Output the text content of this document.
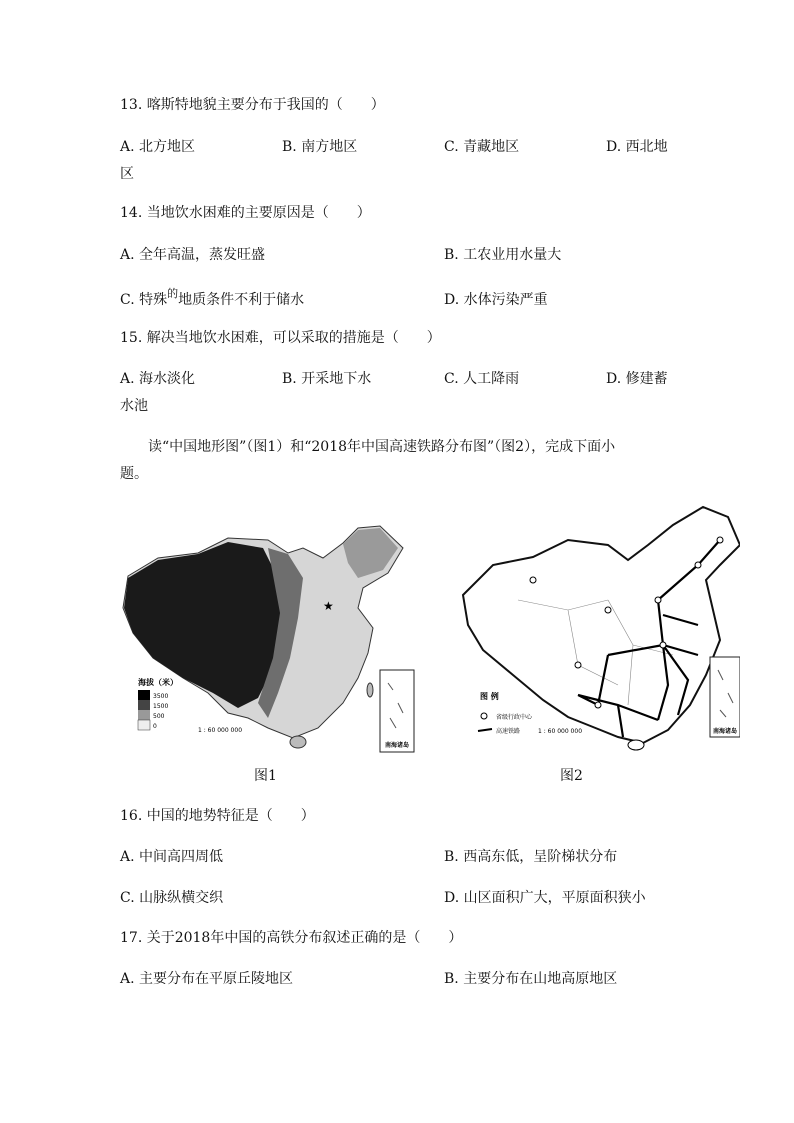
13. 喀斯特地貌主要分布于我国的（　　）
A. 北方地区	B. 南方地区	C. 青藏地区	D. 西北地
区
14. 当地饮水困难的主要原因是（　　）
A. 全年高温，蒸发旺盛	B. 工农业用水量大
C. 特殊$^的$地质条件不利于储水	D. 水体污染严重
15. 解决当地饮水困难，可以采取的措施是（　　）
A. 海水淡化	B. 开采地下水	C. 人工降雨	D. 修建蓄
水池
读“中国地形图”（图1）和“2018年中国高速铁路分布图”（图2），完成下面小
题。
★
海拔（米）
3500
1500
500
0
1 : 60 000 000
南海诸岛
图1
图 例
省级行政中心
高速铁路	1 : 60 000 000	南海诸岛
图2
16. 中国的地势特征是（　　）
A. 中间高四周低	B. 西高东低，呈阶梯状分布
C. 山脉纵横交织	D. 山区面积广大，平原面积狭小
17. 关于2018年中国的高铁分布叙述正确的是（　　）
A. 主要分布在平原丘陵地区	B. 主要分布在山地高原地区
